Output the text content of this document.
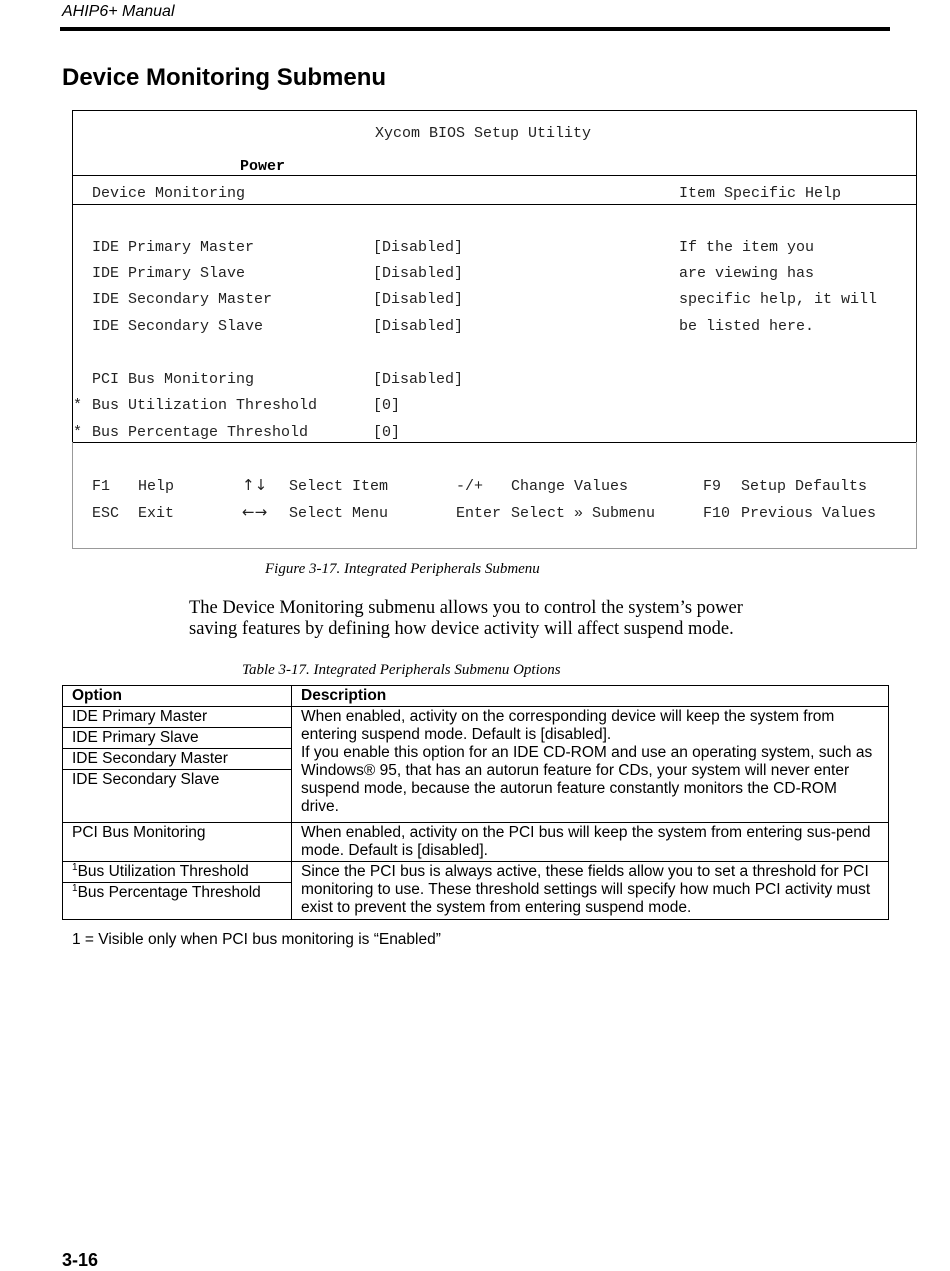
AHIP6+ Manual
Device Monitoring Submenu
Xycom BIOS Setup Utility
Power
Device Monitoring	Item Specific Help
IDE Primary Master	[Disabled]
IDE Primary Slave	[Disabled]
IDE Secondary Master	[Disabled]
IDE Secondary Slave	[Disabled]
PCI Bus Monitoring	[Disabled]
* Bus Utilization Threshold	[0]
* Bus Percentage Threshold	[0]
If the item you
are viewing has
specific help, it will
be listed here.
F1 Help	↑↓ Select Item	-/+ Change Values	F9 Setup Defaults
ESC Exit	←→ Select Menu	Enter Select » Submenu	F10 Previous Values
Figure 3-17. Integrated Peripherals Submenu
The Device Monitoring submenu allows you to control the system’s power saving features by defining how device activity will affect suspend mode.
Table 3-17. Integrated Peripherals Submenu Options
Option	Description
IDE Primary Master	When enabled, activity on the corresponding device will keep the system from entering suspend mode. Default is [disabled].

If you enable this option for an IDE CD-ROM and use an operating system, such as Windows® 95, that has an autorun feature for CDs, your system will never enter suspend mode, because the autorun feature constantly monitors the CD-ROM drive.

IDE Primary Slave	
IDE Secondary Master	
IDE Secondary Slave	
PCI Bus Monitoring	When enabled, activity on the PCI bus will keep the system from entering sus-pend mode. Default is [disabled].
$^1$Bus Utilization Threshold	Since the PCI bus is always active, these fields allow you to set a threshold for PCI monitoring to use. These threshold settings will specify how much PCI activity must exist to prevent the system from entering suspend mode.
$^1$Bus Percentage Threshold	
1 = Visible only when PCI bus monitoring is “Enabled”
3-16
